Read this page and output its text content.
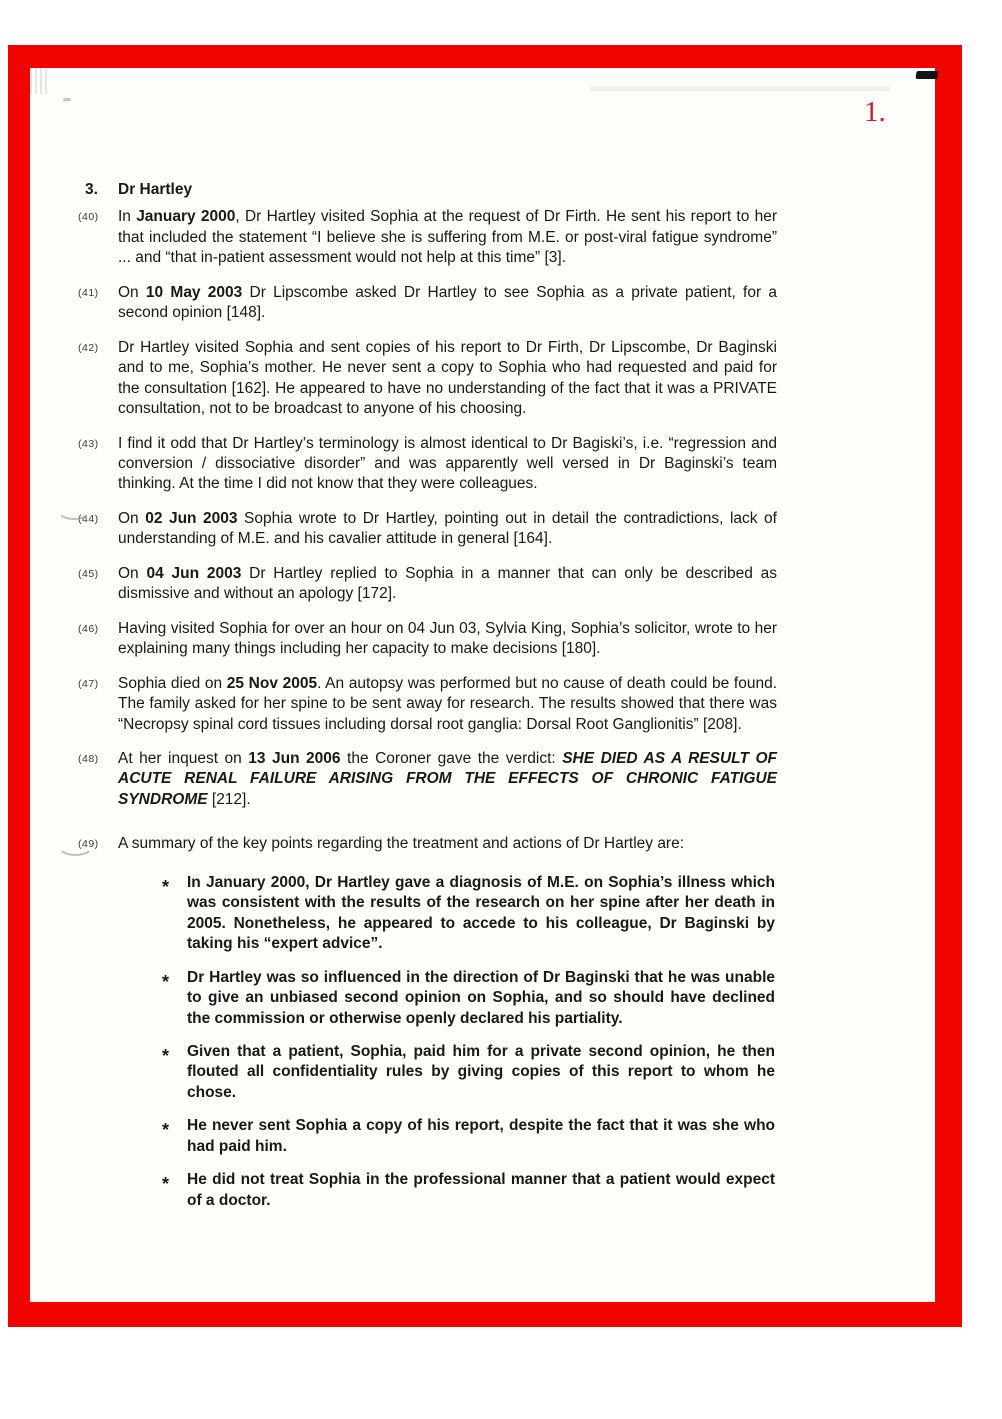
3.	Dr Hartley
(40)	In January 2000, Dr Hartley visited Sophia at the request of Dr Firth. He sent his report to her that included the statement “I believe she is suffering from M.E. or post-viral fatigue syndrome” ... and “that in-patient assessment would not help at this time” [3].
(41)	On 10 May 2003 Dr Lipscombe asked Dr Hartley to see Sophia as a private patient, for a second opinion [148].
(42)	Dr Hartley visited Sophia and sent copies of his report to Dr Firth, Dr Lipscombe, Dr Baginski and to me, Sophia’s mother. He never sent a copy to Sophia who had requested and paid for the consultation [162]. He appeared to have no understanding of the fact that it was a PRIVATE consultation, not to be broadcast to anyone of his choosing.
(43)	I find it odd that Dr Hartley’s terminology is almost identical to Dr Bagiski’s, i.e. “regression and conversion / dissociative disorder” and was apparently well versed in Dr Baginski’s team thinking. At the time I did not know that they were colleagues.
(44)	On 02 Jun 2003 Sophia wrote to Dr Hartley, pointing out in detail the contradictions, lack of understanding of M.E. and his cavalier attitude in general [164].
(45)	On 04 Jun 2003 Dr Hartley replied to Sophia in a manner that can only be described as dismissive and without an apology [172].
(46)	Having visited Sophia for over an hour on 04 Jun 03, Sylvia King, Sophia’s solicitor, wrote to her explaining many things including her capacity to make decisions [180].
(47)	Sophia died on 25 Nov 2005. An autopsy was performed but no cause of death could be found. The family asked for her spine to be sent away for research. The results showed that there was “Necropsy spinal cord tissues including dorsal root ganglia: Dorsal Root Ganglionitis” [208].
(48)	At her inquest on 13 Jun 2006 the Coroner gave the verdict: SHE DIED AS A RESULT OF ACUTE RENAL FAILURE ARISING FROM THE EFFECTS OF CHRONIC FATIGUE SYNDROME [212].
(49)	A summary of the key points regarding the treatment and actions of Dr Hartley are:
*	In January 2000, Dr Hartley gave a diagnosis of M.E. on Sophia’s illness which was consistent with the results of the research on her spine after her death in 2005. Nonetheless, he appeared to accede to his colleague, Dr Baginski by taking his “expert advice”.
*	Dr Hartley was so influenced in the direction of Dr Baginski that he was unable to give an unbiased second opinion on Sophia, and so should have declined the commission or otherwise openly declared his partiality.
*	Given that a patient, Sophia, paid him for a private second opinion, he then flouted all confidentiality rules by giving copies of this report to whom he chose.
*	He never sent Sophia a copy of his report, despite the fact that it was she who had paid him.
*	He did not treat Sophia in the professional manner that a patient would expect of a doctor.
1.
